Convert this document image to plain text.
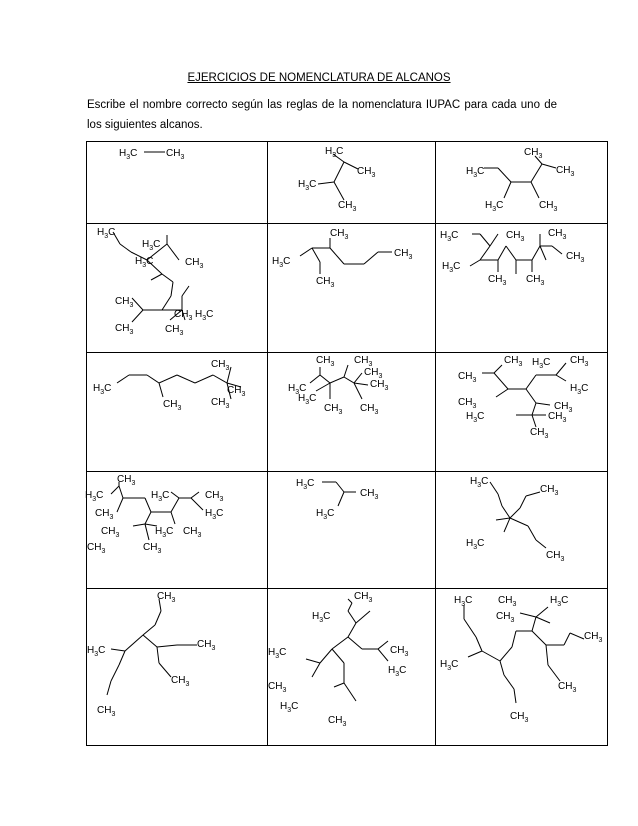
EJERCICIOS DE NOMENCLATURA DE ALCANOS
Escribe el nombre correcto según las reglas de la nomenclatura IUPAC para cada uno de los siguientes alcanos.
$H_3C$	$CH_3$
$H_3C$
$CH_3$
$H_3C$
$CH_3$
$H_3C$
$CH_3$
$CH_3$
$H_3C$	$CH_3$
$H_3C$
$H_3C$
$CH_3$
$H_3C$
$CH_3$
$H_3C$
$CH_3$
$CH_3$
$CH_3$
$CH_3$
$H_3C$
$CH_3$
$CH_3$
$H_3C$	$CH_3$
$CH_3$
$H_3C$
$CH_3$
$CH_3$ $CH_3$
$CH_3$
$H_3C$	$CH_3$
$CH_3$
$CH_3$
$CH_3$ $CH_3$
$CH_3$
$H_3C$
$H_3C$
$CH_3$
$CH_3$ $CH_3$
$CH_3$ $H_3C$ $CH_3$
$CH_3$
$H_3C$
$CH_3$	$CH_3$
$H_3C$	$CH_3$
$CH_3$
$CH_3$
$H_3C$	$H_3C$	$CH_3$
$CH_3$	$H_3C$
$CH_3$	$H_3C$ $CH_3$
$CH_3$
$CH_3$
$H_3C$
$CH_3$
$H_3C$
$H_3C$
$CH_3$
$H_3C$
$CH_3$
$CH_3$
$H_3C$
$CH_3$
$CH_3$
$CH_3$
$CH_3$
$H_3C$
$H_3C$	$CH_3$
$CH_3$
$H_3C$
$H_3C$
$CH_3$
$H_3C$	$CH_3$	$H_3C$
$CH_3$
$CH_3$
$H_3C$
$CH_3$
$CH_3$
